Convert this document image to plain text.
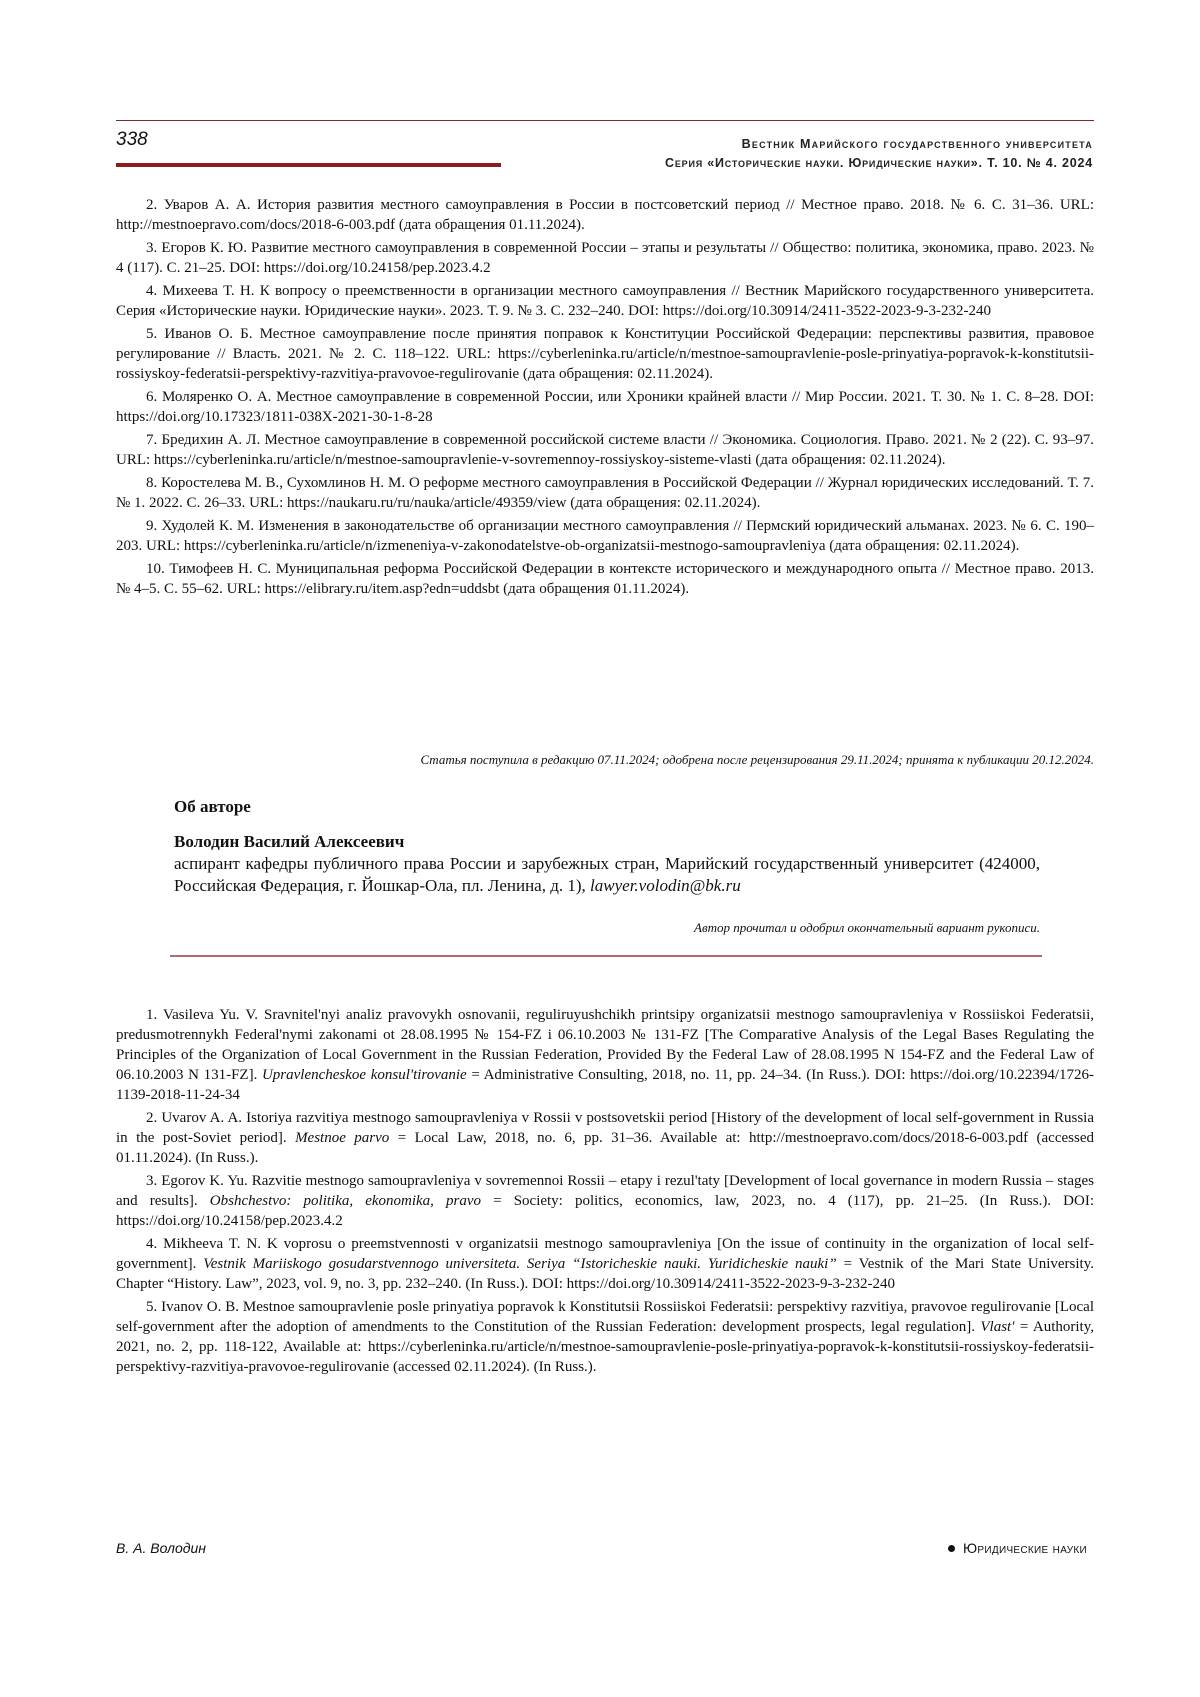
338	Вестник Марийского государственного университета
Серия «Исторические науки. Юридические науки». Т. 10. № 4. 2024

2. Уваров А. А. История развития местного самоуправления в России в постсоветский период // Местное право. 2018. № 6. С. 31–36. URL: http://mestnoepravo.com/docs/2018-6-003.pdf (дата обращения 01.11.2024).

3. Егоров К. Ю. Развитие местного самоуправления в современной России – этапы и результаты // Общество: политика, экономика, право. 2023. № 4 (117). С. 21–25. DOI: https://doi.org/10.24158/pep.2023.4.2

4. Михеева Т. Н. К вопросу о преемственности в организации местного самоуправления // Вестник Марийского государственного университета. Серия «Исторические науки. Юридические науки». 2023. Т. 9. № 3. С. 232–240. DOI: https://doi.org/10.30914/2411-3522-2023-9-3-232-240

5. Иванов О. Б. Местное самоуправление после принятия поправок к Конституции Российской Федерации: перспективы развития, правовое регулирование // Власть. 2021. № 2. С. 118–122. URL: https://cyberleninka.ru/article/n/mestnoe-samoupravlenie-posle-prinyatiya-popravok-k-konstitutsii-rossiyskoy-federatsii-perspektivy-razvitiya-pravovoe-regulirovanie (дата обращения: 02.11.2024).

6. Моляренко О. А. Местное самоуправление в современной России, или Хроники крайней власти // Мир России. 2021. Т. 30. № 1. С. 8–28. DOI: https://doi.org/10.17323/1811-038X-2021-30-1-8-28

7. Бредихин А. Л. Местное самоуправление в современной российской системе власти // Экономика. Социология. Право. 2021. № 2 (22). С. 93–97. URL: https://cyberleninka.ru/article/n/mestnoe-samoupravlenie-v-sovremennoy-rossiyskoy-sisteme-vlasti (дата обращения: 02.11.2024).

8. Коростелева М. В., Сухомлинов Н. М. О реформе местного самоуправления в Российской Федерации // Журнал юридических исследований. Т. 7. № 1. 2022. С. 26–33. URL: https://naukaru.ru/ru/nauka/article/49359/view (дата обращения: 02.11.2024).

9. Худолей К. М. Изменения в законодательстве об организации местного самоуправления // Пермский юридический альманах. 2023. № 6. С. 190–203. URL: https://cyberleninka.ru/article/n/izmeneniya-v-zakonodatelstve-ob-organizatsii-mestnogo-samoupravleniya (дата обращения: 02.11.2024).

10. Тимофеев Н. С. Муниципальная реформа Российской Федерации в контексте исторического и международного опыта // Местное право. 2013. № 4–5. С. 55–62. URL: https://elibrary.ru/item.asp?edn=uddsbt (дата обращения 01.11.2024).

Статья поступила в редакцию 07.11.2024; одобрена после рецензирования 29.11.2024; принята к публикации 20.12.2024.
Об авторе
Володин Василий Алексеевич
аспирант кафедры публичного права России и зарубежных стран, Марийский государственный университет (424000, Российская Федерация, г. Йошкар-Ола, пл. Ленина, д. 1), lawyer.volodin@bk.ru
Автор прочитал и одобрил окончательный вариант рукописи.

1. Vasileva Yu. V. Sravnitel'nyi analiz pravovykh osnovanii, reguliruyushchikh printsipy organizatsii mestnogo samoupravleniya v Rossiiskoi Federatsii, predusmotrennykh Federal'nymi zakonami ot 28.08.1995 № 154-FZ i 06.10.2003 № 131-FZ [The Comparative Analysis of the Legal Bases Regulating the Principles of the Organization of Local Government in the Russian Federation, Provided By the Federal Law of 28.08.1995 N 154-FZ and the Federal Law of 06.10.2003 N 131-FZ]. Upravlencheskoe konsul'tirovanie = Administrative Consulting, 2018, no. 11, pp. 24–34. (In Russ.). DOI: https://doi.org/10.22394/1726-1139-2018-11-24-34

2. Uvarov A. A. Istoriya razvitiya mestnogo samoupravleniya v Rossii v postsovetskii period [History of the development of local self-government in Russia in the post-Soviet period]. Mestnoe parvo = Local Law, 2018, no. 6, pp. 31–36. Available at: http://mestnoepravo.com/docs/2018-6-003.pdf (accessed 01.11.2024). (In Russ.).

3. Egorov K. Yu. Razvitie mestnogo samoupravleniya v sovremennoi Rossii – etapy i rezul'taty [Development of local governance in modern Russia – stages and results]. Obshchestvo: politika, ekonomika, pravo = Society: politics, economics, law, 2023, no. 4 (117), pp. 21–25. (In Russ.). DOI: https://doi.org/10.24158/pep.2023.4.2

4. Mikheeva T. N. K voprosu o preemstvennosti v organizatsii mestnogo samoupravleniya [On the issue of continuity in the organization of local self-government]. Vestnik Mariiskogo gosudarstvennogo universiteta. Seriya “Istoricheskie nauki. Yuridicheskie nauki” = Vestnik of the Mari State University. Chapter “History. Law”, 2023, vol. 9, no. 3, pp. 232–240. (In Russ.). DOI: https://doi.org/10.30914/2411-3522-2023-9-3-232-240

5. Ivanov O. B. Mestnoe samoupravlenie posle prinyatiya popravok k Konstitutsii Rossiiskoi Federatsii: perspektivy razvitiya, pravovoe regulirovanie [Local self-government after the adoption of amendments to the Constitution of the Russian Federation: development prospects, legal regulation]. Vlast' = Authority, 2021, no. 2, pp. 118-122, Available at: https://cyberleninka.ru/article/n/mestnoe-samoupravlenie-posle-prinyatiya-popravok-k-konstitutsii-rossiyskoy-federatsii-perspektivy-razvitiya-pravovoe-regulirovanie (accessed 02.11.2024). (In Russ.).

В. А. Володин	Юридические науки
